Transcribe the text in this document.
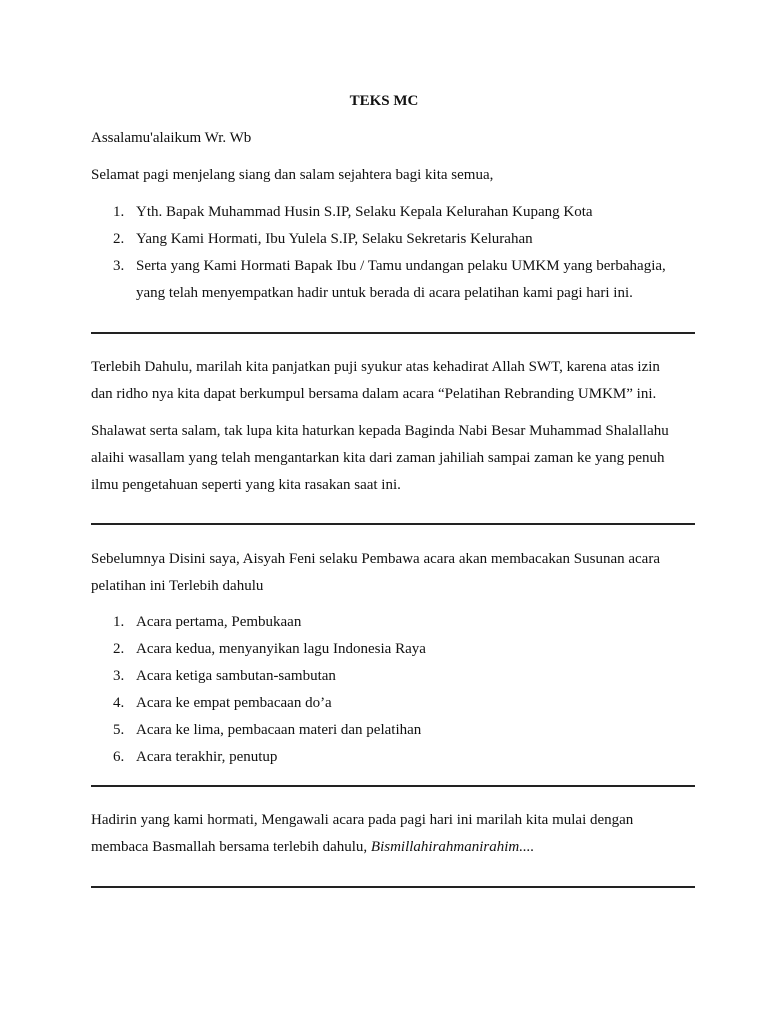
TEKS MC

Assalamu'alaikum Wr. Wb

Selamat pagi menjelang siang dan salam sejahtera bagi kita semua,

1. Yth. Bapak Muhammad Husin S.IP, Selaku Kepala Kelurahan Kupang Kota
2. Yang Kami Hormati, Ibu Yulela S.IP, Selaku Sekretaris Kelurahan
3. Serta yang Kami Hormati Bapak Ibu / Tamu undangan pelaku UMKM yang berbahagia, yang telah menyempatkan hadir untuk berada di acara pelatihan kami pagi hari ini.

Terlebih Dahulu, marilah kita panjatkan puji syukur atas kehadirat Allah SWT, karena atas izin dan ridho nya kita dapat berkumpul bersama dalam acara “Pelatihan Rebranding UMKM” ini.

Shalawat serta salam, tak lupa kita haturkan kepada Baginda Nabi Besar Muhammad Shalallahu alaihi wasallam yang telah mengantarkan kita dari zaman jahiliah sampai zaman ke yang penuh ilmu pengetahuan seperti yang kita rasakan saat ini.

Sebelumnya Disini saya, Aisyah Feni selaku Pembawa acara akan membacakan Susunan acara pelatihan ini Terlebih dahulu

1. Acara pertama, Pembukaan
2. Acara kedua, menyanyikan lagu Indonesia Raya
3. Acara ketiga sambutan-sambutan
4. Acara ke empat pembacaan do’a
5. Acara ke lima, pembacaan materi dan pelatihan
6. Acara terakhir, penutup

Hadirin yang kami hormati, Mengawali acara pada pagi hari ini marilah kita mulai dengan membaca Basmallah bersama terlebih dahulu, Bismillahirahmanirahim....
